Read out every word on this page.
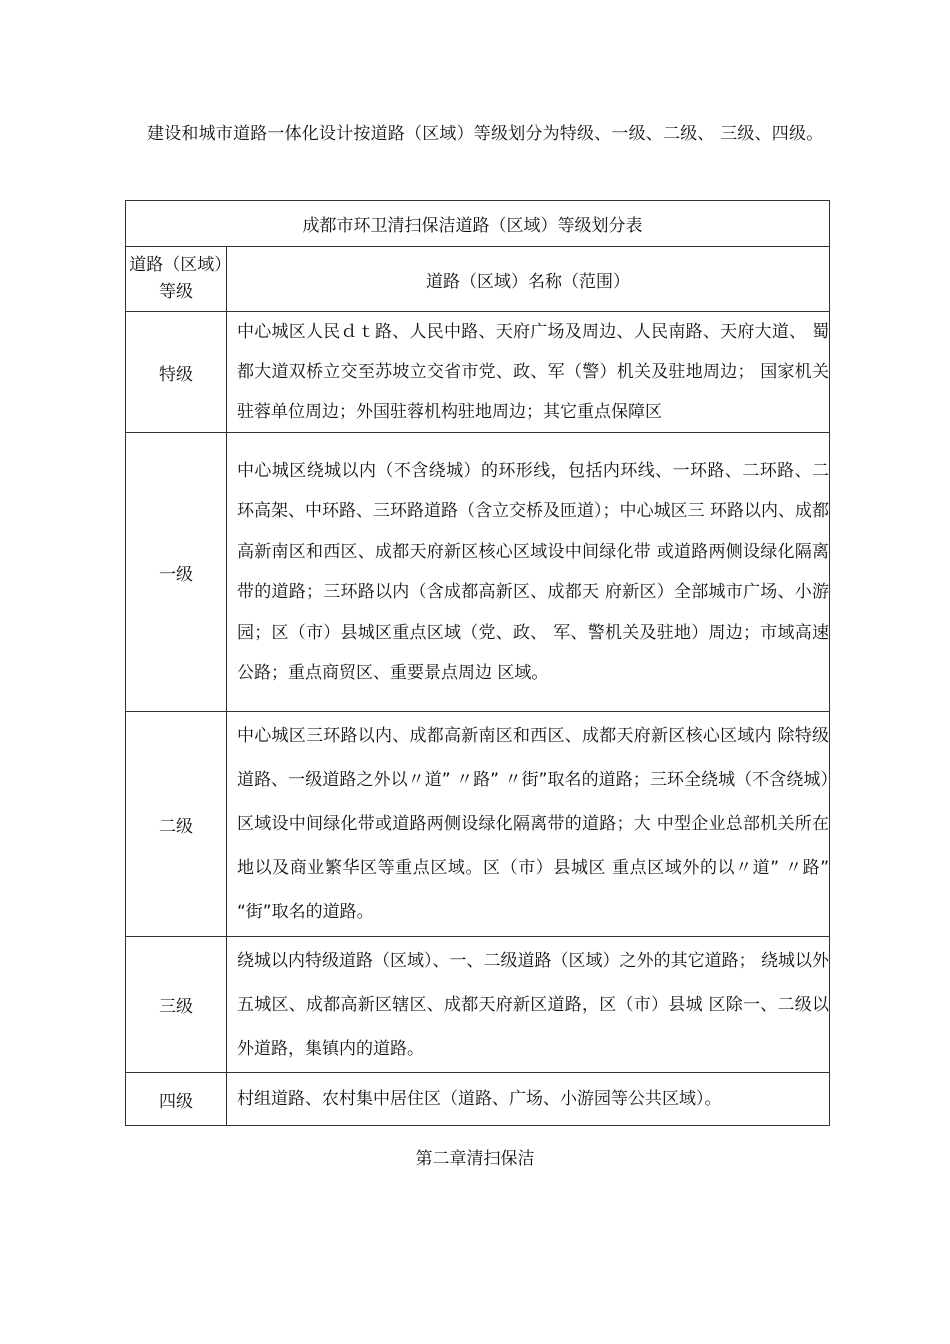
建设和城市道路一体化设计按道路（区域）等级划分为特级、一级、二级、 三级、四级。
成都市环卫清扫保洁道路（区域）等级划分表	
道路（区域）等级	道路（区域）名称（范围）
特级	中心城区人民ｄｔ路、人民中路、天府广场及周边、人民南路、天府大道、 蜀都大道双桥立交至苏坡立交省市党、政、军（警）机关及驻地周边； 国家机关驻蓉单位周边；外国驻蓉机构驻地周边；其它重点保障区
一级	中心城区绕城以内（不含绕城）的环形线，包括内环线、一环路、二环路、二环高架、中环路、三环路道路（含立交桥及匝道）；中心城区三 环路以内、成都高新南区和西区、成都天府新区核心区域设中间绿化带 或道路两侧设绿化隔离带的道路；三环路以内（含成都高新区、成都天 府新区）全部城市广场、小游园；区（市）县城区重点区域（党、政、 军、警机关及驻地）周边；市域高速公路；重点商贸区、重要景点周边 区域。
二级	中心城区三环路以内、成都高新南区和西区、成都天府新区核心区域内 除特级道路、一级道路之外以〃道” 〃路” 〃街”取名的道路；三环全绕城（不含绕城）区域设中间绿化带或道路两侧设绿化隔离带的道路；大 中型企业总部机关所在地以及商业繁华区等重点区域。区（市）县城区 重点区域外的以〃道” 〃路” “街”取名的道路。
三级	绕城以内特级道路（区域）、一、二级道路（区域）之外的其它道路； 绕城以外五城区、成都高新区辖区、成都天府新区道路，区（市）县城 区除一、二级以外道路，集镇内的道路。
四级	村组道路、农村集中居住区（道路、广场、小游园等公共区域）。
第二章清扫保洁
